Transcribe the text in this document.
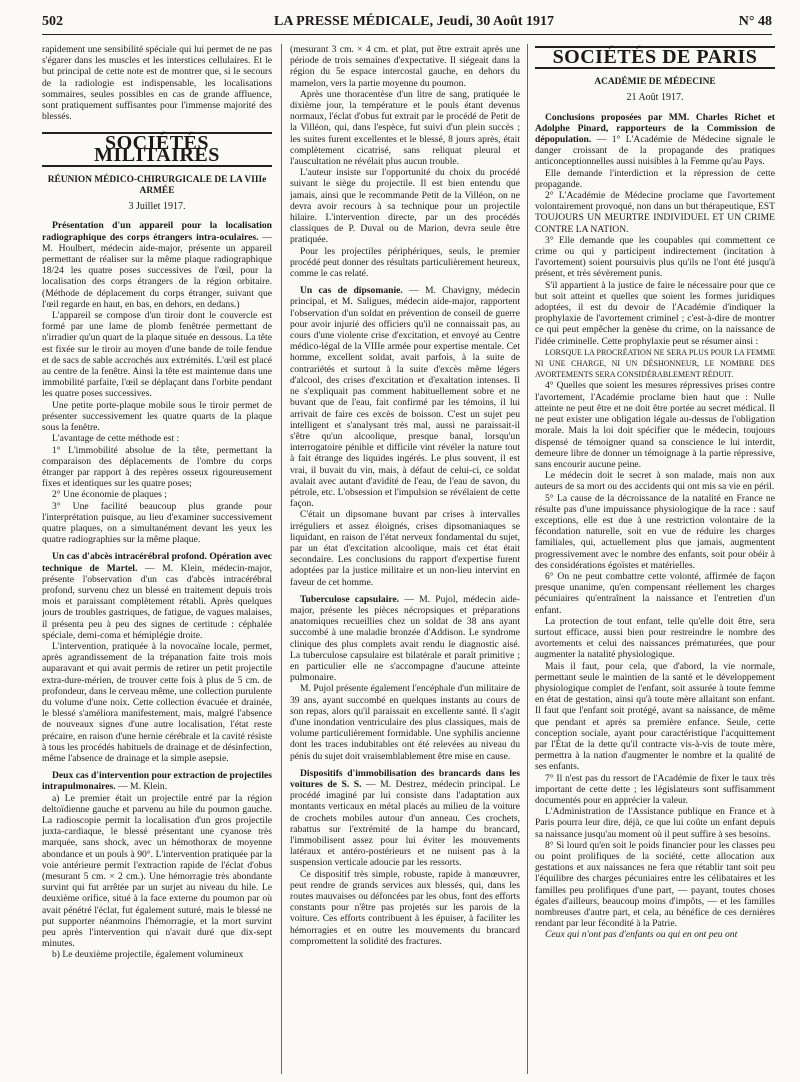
502	LA PRESSE MÉDICALE, Jeudi, 30 Août 1917	N° 48

rapidement une sensibilité spéciale qui lui permet de ne pas s'égarer dans les muscles et les interstices cellulaires. Et le but principal de cette note est de montrer que, si le secours de la radiologie est indispensable, les localisations sommaires, seules possibles en cas de grande affluence, sont pratiquement suffisantes pour l'immense majorité des blessés.

SOCIÉTÉS MILITAIRES
RÉUNION MÉDICO-CHIRURGICALE DE LA VIIIe ARMÉE
3 Juillet 1917.

Présentation d'un appareil pour la localisation radiographique des corps étrangers intra-oculaires. — M. Houlbert, médecin aide-major, présente un appareil permettant de réaliser sur la même plaque radiographique 18/24 les quatre poses successives de l'œil, pour la localisation des corps étrangers de la région orbitaire. (Méthode de déplacement du corps étranger, suivant que l'œil regarde en haut, en bas, en dehors, en dedans.)

L'appareil se compose d'un tiroir dont le couvercle est formé par une lame de plomb fenêtrée permettant de n'irradier qu'un quart de la plaque située en dessous. La tête est fixée sur le tiroir au moyen d'une bande de toile fendue et de sacs de sable accrochés aux extrémités. L'œil est placé au centre de la fenêtre. Ainsi la tête est maintenue dans une immobilité parfaite, l'œil se déplaçant dans l'orbite pendant les quatre poses successives.

Une petite porte-plaque mobile sous le tiroir permet de présenter successivement les quatre quarts de la plaque sous la fenêtre.

L'avantage de cette méthode est :

1° L'immobilité absolue de la tête, permettant la comparaison des déplacements de l'ombre du corps étranger par rapport à des repères osseux rigoureusement fixes et identiques sur les quatre poses;

2° Une économie de plaques ;

3° Une facilité beaucoup plus grande pour l'interprétation puisque, au lieu d'examiner successivement quatre plaques, on a simultanément devant les yeux les quatre radiographies sur la même plaque.

Un cas d'abcès intracérébral profond. Opération avec technique de Martel. — M. Klein, médecin-major, présente l'observation d'un cas d'abcès intracérébral profond, survenu chez un blessé en traitement depuis trois mois et paraissant complètement rétabli. Après quelques jours de troubles gastriques, de fatigue, de vagues malaises, il présenta peu à peu des signes de certitude : céphalée spéciale, demi-coma et hémiplégie droite.

L'intervention, pratiquée à la novocaïne locale, permet, après agrandissement de la trépanation faite trois mois auparavant et qui avait permis de retirer un petit projectile extra-dure-mérien, de trouver cette fois à plus de 5 cm. de profondeur, dans le cerveau même, une collection purulente du volume d'une noix. Cette collection évacuée et drainée, le blessé s'améliora manifestement, mais, malgré l'absence de nouveaux signes d'une autre localisation, l'état reste précaire, en raison d'une hernie cérébrale et la cavité résiste à tous les procédés habituels de drainage et de désinfection, même l'absence de drainage et la simple asepsie.

Deux cas d'intervention pour extraction de projectiles intrapulmonaires. — M. Klein.

a) Le premier était un projectile entré par la région deltoïdienne gauche et parvenu au hile du poumon gauche. La radioscopie permit la localisation d'un gros projectile juxta-cardiaque, le blessé présentant une cyanose très marquée, sans shock, avec un hémothorax de moyenne abondance et un pouls à 90°. L'intervention pratiquée par la voie antérieure permit l'extraction rapide de l'éclat d'obus (mesurant 5 cm. × 2 cm.). Une hémorragie très abondante survint qui fut arrêtée par un surjet au niveau du hile. Le deuxième orifice, situé à la face externe du poumon par où avait pénétré l'éclat, fut également suturé, mais le blessé ne put supporter néanmoins l'hémorragie, et la mort survint peu après l'intervention qui n'avait duré que dix-sept minutes.

b) Le deuxième projectile, également volumineux

(mesurant 3 cm. × 4 cm. et plat, put être extrait après une période de trois semaines d'expectative. Il siégeait dans la région du 5e espace intercostal gauche, en dehors du mamelon, vers la partie moyenne du poumon.

Après une thoracentèse d'un litre de sang, pratiquée le dixième jour, la température et le pouls étant devenus normaux, l'éclat d'obus fut extrait par le procédé de Petit de la Villéon, qui, dans l'espèce, fut suivi d'un plein succès ; les suites furent excellentes et le blessé, 8 jours après, était complètement cicatrisé, sans reliquat pleural et l'auscultation ne révélait plus aucun trouble.

L'auteur insiste sur l'opportunité du choix du procédé suivant le siège du projectile. Il est bien entendu que jamais, ainsi que le recommande Petit de la Villéon, on ne devra avoir recours à sa technique pour un projectile hilaire. L'intervention directe, par un des procédés classiques de P. Duval ou de Marion, devra seule être pratiquée.

Pour les projectiles périphériques, seuls, le premier procédé peut donner des résultats particulièrement heureux, comme le cas relaté.

Un cas de dipsomanie. — M. Chavigny, médecin principal, et M. Saligues, médecin aide-major, rapportent l'observation d'un soldat en prévention de conseil de guerre pour avoir injurié des officiers qu'il ne connaissait pas, au cours d'une violente crise d'excitation, et envoyé au Centre médico-légal de la VIIIe armée pour expertise mentale. Cet homme, excellent soldat, avait parfois, à la suite de contrariétés et surtout à la suite d'excès même légers d'alcool, des crises d'excitation et d'exaltation intenses. Il ne s'expliquait pas comment habituellement sobre et ne buvant que de l'eau, fait confirmé par les témoins, il lui arrivait de faire ces excès de boisson. C'est un sujet peu intelligent et s'analysant très mal, aussi ne paraissait-il s'être qu'un alcoolique, presque banal, lorsqu'un interrogatoire pénible et difficile vint révéler la nature tout à fait étrange des liquides ingérés. Le plus souvent, il est vrai, il buvait du vin, mais, à défaut de celui-ci, ce soldat avalait avec autant d'avidité de l'eau, de l'eau de savon, du pétrole, etc. L'obsession et l'impulsion se révélaient de cette façon.

C'était un dipsomane buvant par crises à intervalles irréguliers et assez éloignés, crises dipsomaniaques se liquidant, en raison de l'état nerveux fondamental du sujet, par un état d'excitation alcoolique, mais cet état était secondaire. Les conclusions du rapport d'expertise furent adoptées par la justice militaire et un non-lieu intervint en faveur de cet homme.

Tuberculose capsulaire. — M. Pujol, médecin aide-major, présente les pièces nécropsiques et préparations anatomiques recueillies chez un soldat de 38 ans ayant succombé à une maladie bronzée d'Addison. Le syndrome clinique des plus complets avait rendu le diagnostic aisé. La tuberculose capsulaire est bilatérale et paraît primitive ; en particulier elle ne s'accompagne d'aucune atteinte pulmonaire.

M. Pujol présente également l'encéphale d'un militaire de 39 ans, ayant succombé en quelques instants au cours de son repas, alors qu'il paraissait en excellente santé. Il s'agit d'une inondation ventriculaire des plus classiques, mais de volume particulièrement formidable. Une syphilis ancienne dont les traces indubitables ont été relevées au niveau du pénis du sujet doit vraisemblablement être mise en cause.

Dispositifs d'immobilisation des brancards dans les voitures de S. S. — M. Destrez, médecin principal. Le procédé imaginé par lui consiste dans l'adaptation aux montants verticaux en métal placés au milieu de la voiture de crochets mobiles autour d'un anneau. Ces crochets, rabattus sur l'extrémité de la hampe du brancard, l'immobilisent assez pour lui éviter les mouvements latéraux et antéro-postérieurs et ne nuisent pas à la suspension verticale adoucie par les ressorts.

Ce dispositif très simple, robuste, rapide à manœuvrer, peut rendre de grands services aux blessés, qui, dans les routes mauvaises ou défoncées par les obus, font des efforts constants pour n'être pas projetés sur les parois de la voiture. Ces efforts contribuent à les épuiser, à faciliter les hémorragies et en outre les mouvements du brancard compromettent la solidité des fractures.

SOCIÉTÉS DE PARIS
ACADÉMIE DE MÉDECINE
21 Août 1917.

Conclusions proposées par MM. Charles Richet et Adolphe Pinard, rapporteurs de la Commission de dépopulation. — 1° L'Académie de Médecine signale le danger croissant de la propagande des pratiques anticonceptionnelles aussi nuisibles à la Femme qu'au Pays.

Elle demande l'interdiction et la répression de cette propagande.

2° L'Académie de Médecine proclame que l'avortement volontairement provoqué, non dans un but thérapeutique, EST TOUJOURS UN MEURTRE INDIVIDUEL ET UN CRIME CONTRE LA NATION.

3° Elle demande que les coupables qui commettent ce crime ou qui y participent indirectement (incitation à l'avortement) soient poursuivis plus qu'ils ne l'ont été jusqu'à présent, et très sévèrement punis.

S'il appartient à la justice de faire le nécessaire pour que ce but soit atteint et quelles que soient les formes juridiques adoptées, il est du devoir de l'Académie d'indiquer la prophylaxie de l'avortement criminel ; c'est-à-dire de montrer ce qui peut empêcher la genèse du crime, on la naissance de l'idée criminelle. Cette prophylaxie peut se résumer ainsi :

LORSQUE LA PROCRÉATION NE SERA PLUS POUR LA FEMME NI UNE CHARGE, NI UN DÉSHONNEUR, LE NOMBRE DES AVORTEMENTS SERA CONSIDÉRABLEMENT RÉDUIT.

4° Quelles que soient les mesures répressives prises contre l'avortement, l'Académie proclame bien haut que : Nulle atteinte ne peut être et ne doit être portée au secret médical. Il ne peut exister une obligation légale au-dessus de l'obligation morale. Mais la loi doit spécifier que le médecin, toujours dispensé de témoigner quand sa conscience le lui interdit, demeure libre de donner un témoignage à la partie répressive, sans encourir aucune peine.

Le médecin doit le secret à son malade, mais non aux auteurs de sa mort ou des accidents qui ont mis sa vie en péril.

5° La cause de la décroissance de la natalité en France ne résulte pas d'une impuissance physiologique de la race : sauf exceptions, elle est due à une restriction volontaire de la fécondation naturelle, soit en vue de réduire les charges familiales, qui, actuellement plus que jamais, augmentent progressivement avec le nombre des enfants, soit pour obéir à des considérations égoïstes et matérielles.

6° On ne peut combattre cette volonté, affirmée de façon presque unanime, qu'en compensant réellement les charges pécuniaires qu'entraînent la naissance et l'entretien d'un enfant.

La protection de tout enfant, telle qu'elle doit être, sera surtout efficace, aussi bien pour restreindre le nombre des avortements et celui des naissances prématurées, que pour augmenter la natalité physiologique.

Mais il faut, pour cela, que d'abord, la vie normale, permettant seule le maintien de la santé et le développement physiologique complet de l'enfant, soit assurée à toute femme en état de gestation, ainsi qu'à toute mère allaitant son enfant. Il faut que l'enfant soit protégé, avant sa naissance, de même que pendant et après sa première enfance. Seule, cette conception sociale, ayant pour caractéristique l'acquittement par l'État de la dette qu'il contracte vis-à-vis de toute mère, permettra à la nation d'augmenter le nombre et la qualité de ses enfants.

7° Il n'est pas du ressort de l'Académie de fixer le taux très important de cette dette ; les législateurs sont suffisamment documentés pour en apprécier la valeur.

L'Administration de l'Assistance publique en France et à Paris pourra leur dire, déjà, ce que lui coûte un enfant depuis sa naissance jusqu'au moment où il peut suffire à ses besoins.

8° Si lourd qu'en soit le poids financier pour les classes peu ou point prolifiques de la société, cette allocation aux gestations et aux naissances ne fera que rétablir tant soit peu l'équilibre des charges pécuniaires entre les célibataires et les familles peu prolifiques d'une part, — payant, toutes choses égales d'ailleurs, beaucoup moins d'impôts, — et les familles nombreuses d'autre part, et cela, au bénéfice de ces dernières rendant par leur fécondité à la Patrie.

Ceux qui n'ont pas d'enfants ou qui en ont peu ont
